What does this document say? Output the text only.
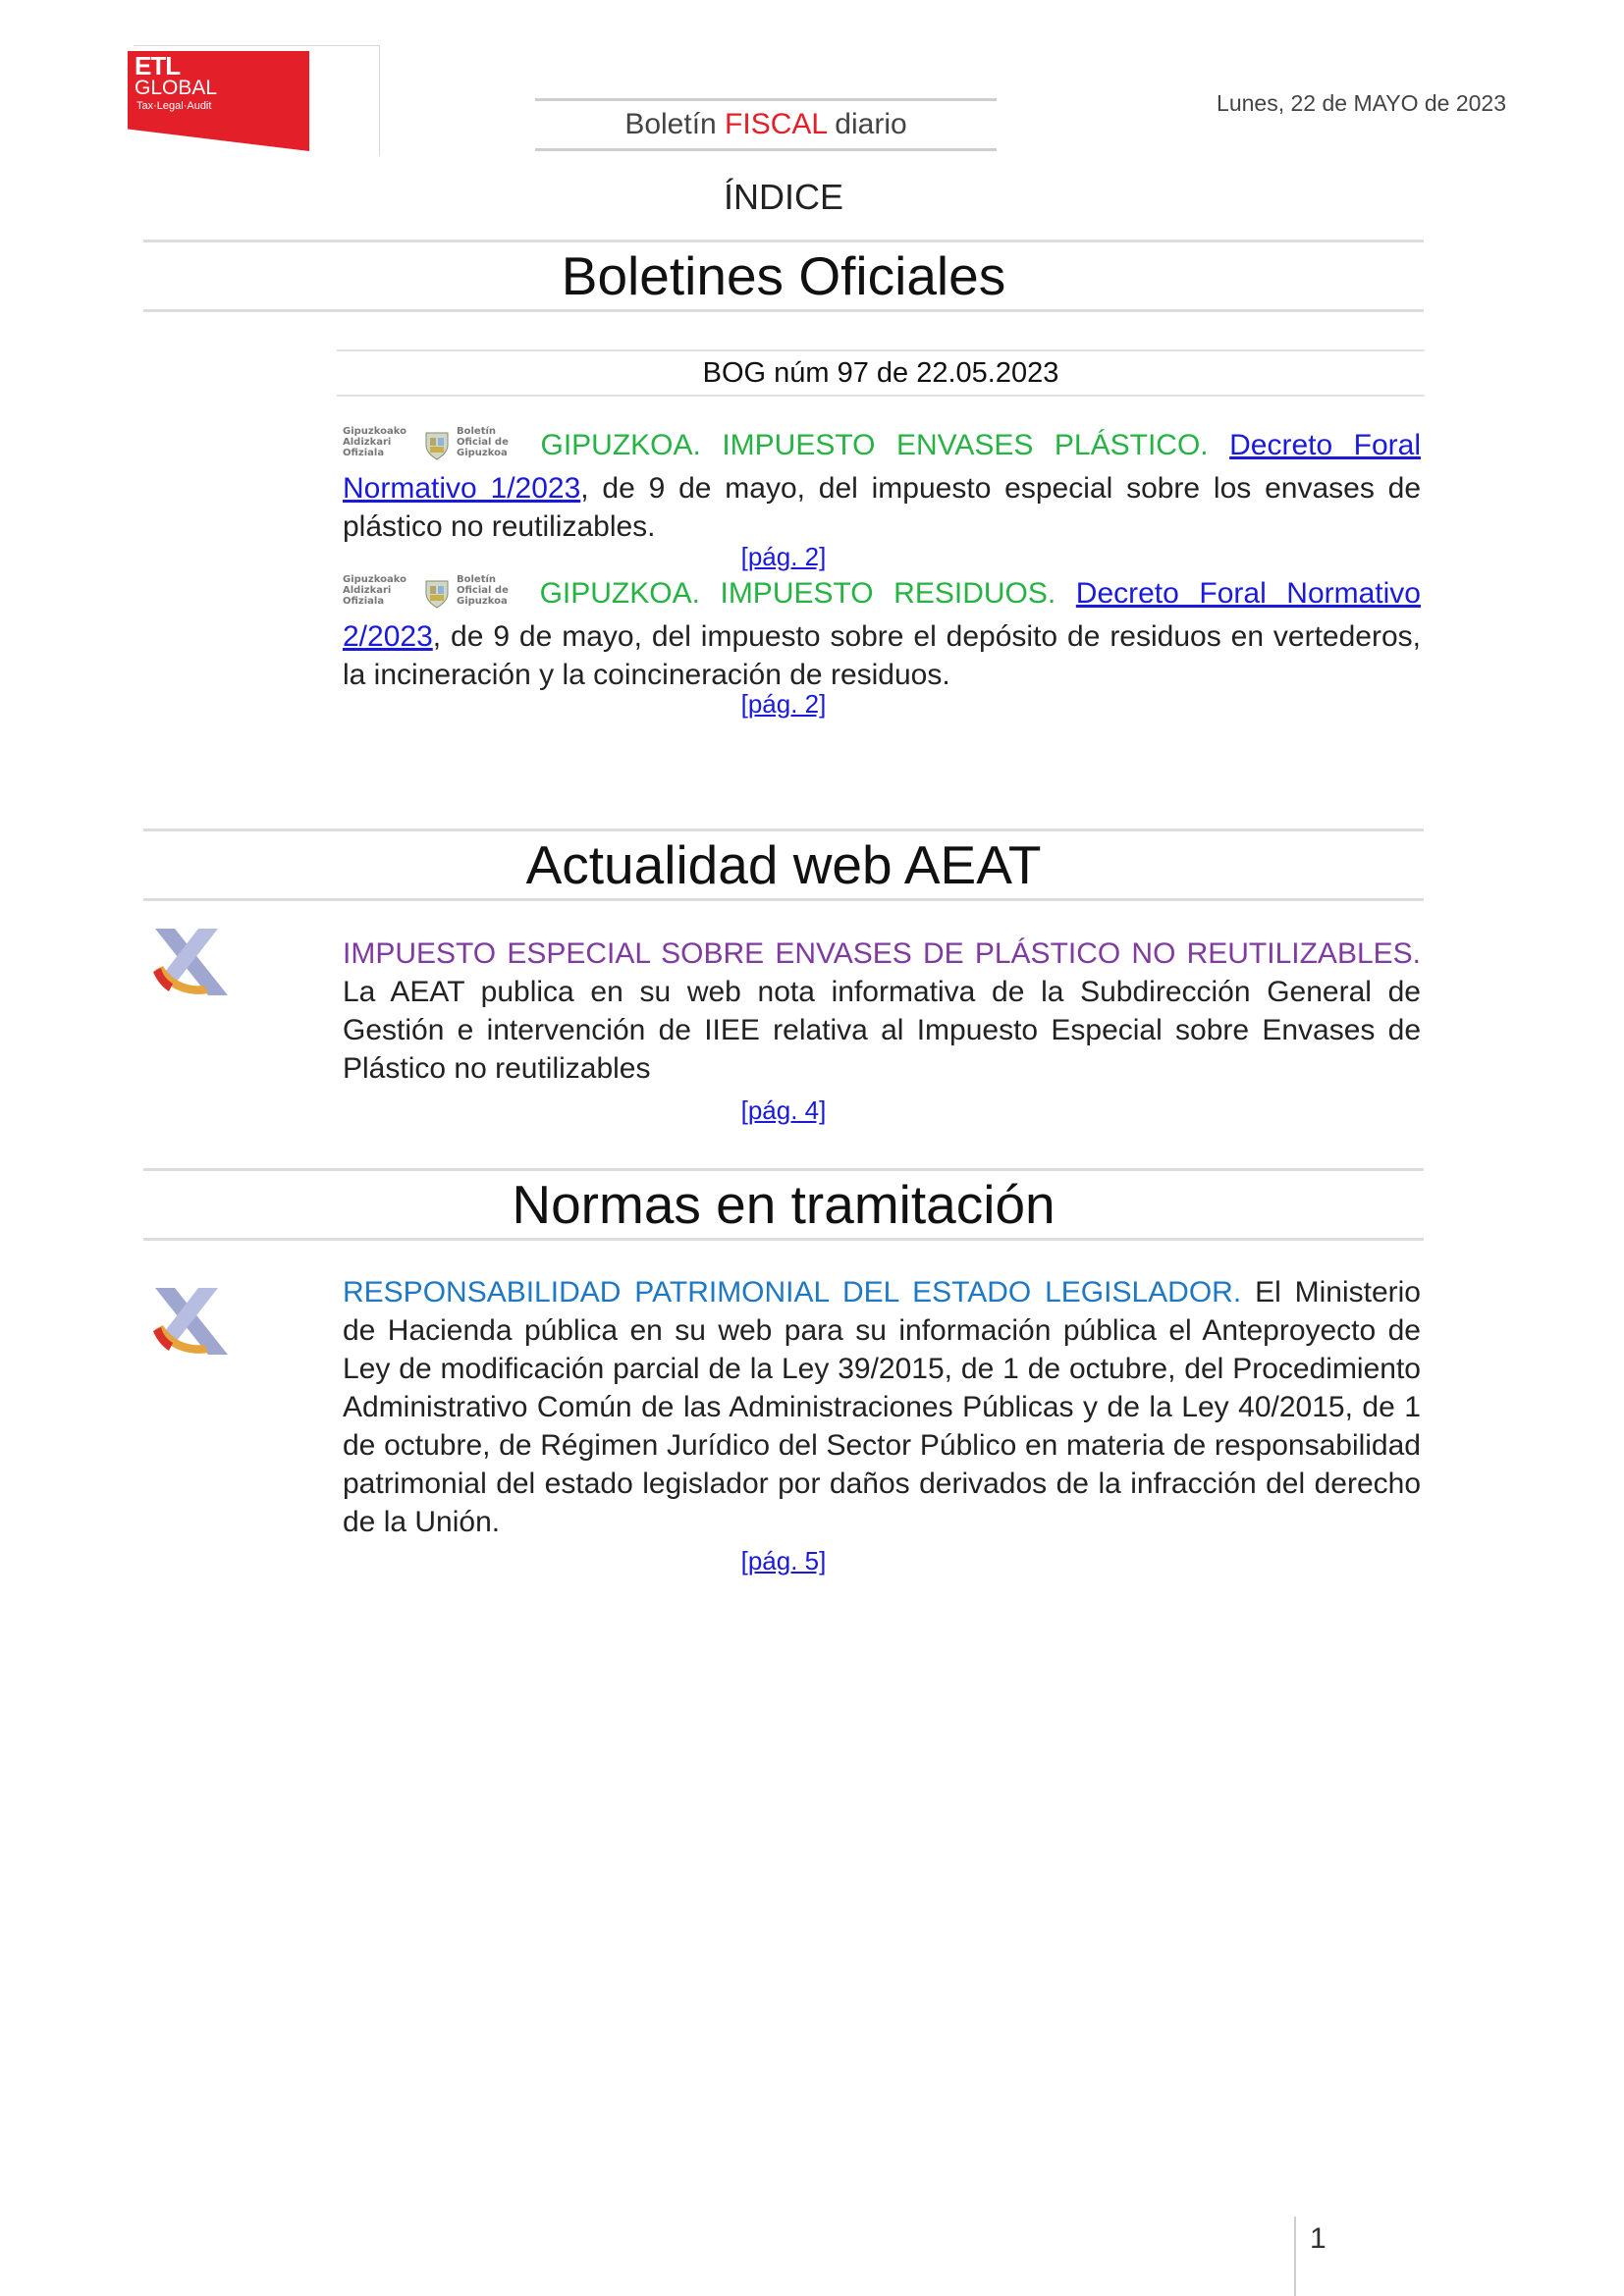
ETL
GLOBAL
Tax·Legal·Audit
Boletín FISCAL diario
Lunes, 22 de MAYO de 2023
ÍNDICE
Boletines Oficiales
BOG núm 97 de 22.05.2023
Gipuzkoako
Aldizkari
Ofiziala
Boletín
Oficial de
Gipuzkoa GIPUZKOA. IMPUESTO ENVASES PLÁSTICO. Decreto Foral Normativo 1/2023, de 9 de mayo, del impuesto especial sobre los envases de plástico no reutilizables.
[pág. 2]
Gipuzkoako
Aldizkari
Ofiziala
Boletín
Oficial de
Gipuzkoa GIPUZKOA. IMPUESTO RESIDUOS. Decreto Foral Normativo 2/2023, de 9 de mayo, del impuesto sobre el depósito de residuos en vertederos, la incineración y la coincineración de residuos.
[pág. 2]
Actualidad web AEAT
IMPUESTO ESPECIAL SOBRE ENVASES DE PLÁSTICO NO REUTILIZABLES. La AEAT publica en su web nota informativa de la Subdirección General de Gestión e intervención de IIEE relativa al Impuesto Especial sobre Envases de Plástico no reutilizables
[pág. 4]
Normas en tramitación
RESPONSABILIDAD PATRIMONIAL DEL ESTADO LEGISLADOR. El Ministerio de Hacienda pública en su web para su información pública el Anteproyecto de Ley de modificación parcial de la Ley 39/2015, de 1 de octubre, del Procedimiento Administrativo Común de las Administraciones Públicas y de la Ley 40/2015, de 1 de octubre, de Régimen Jurídico del Sector Público en materia de responsabilidad patrimonial del estado legislador por daños derivados de la infracción del derecho de la Unión.
[pág. 5]
1
